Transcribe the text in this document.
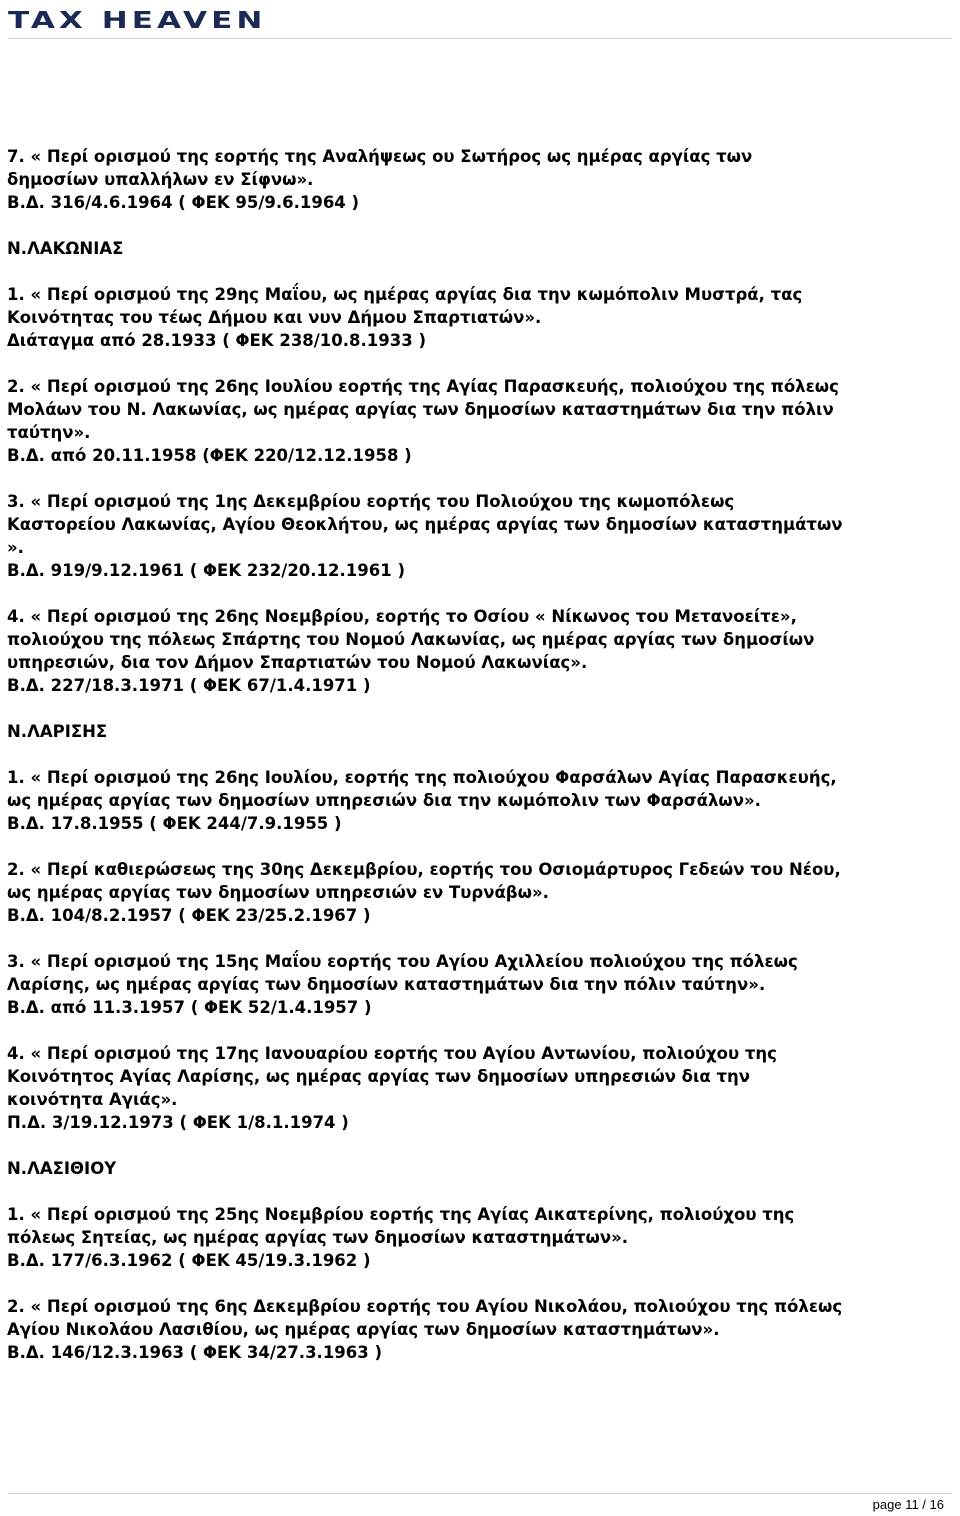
TAX HEAVEN
7. « Περί ορισμού της εορτής της Αναλήψεως ου Σωτήρος ως ημέρας αργίας των
δημοσίων υπαλλήλων εν Σίφνω».
Β.Δ. 316/4.6.1964 ( ΦΕΚ 95/9.6.1964 )
Ν.ΛΑΚΩΝΙΑΣ
1. « Περί ορισμού της 29ης Μαΐου, ως ημέρας αργίας δια την κωμόπολιν Μυστρά, τας
Κοινότητας του τέως Δήμου και νυν Δήμου Σπαρτιατών».
Διάταγμα από 28.1933 ( ΦΕΚ 238/10.8.1933 )
2. « Περί ορισμού της 26ης Ιουλίου εορτής της Αγίας Παρασκευής, πολιούχου της πόλεως
Μολάων του Ν. Λακωνίας, ως ημέρας αργίας των δημοσίων καταστημάτων δια την πόλιν
ταύτην».
Β.Δ. από 20.11.1958 (ΦΕΚ 220/12.12.1958 )
3. « Περί ορισμού της 1ης Δεκεμβρίου εορτής του Πολιούχου της κωμοπόλεως
Καστορείου Λακωνίας, Αγίου Θεοκλήτου, ως ημέρας αργίας των δημοσίων καταστημάτων
».
Β.Δ. 919/9.12.1961 ( ΦΕΚ 232/20.12.1961 )
4. « Περί ορισμού της 26ης Νοεμβρίου, εορτής το Οσίου « Νίκωνος του Μετανοείτε»,
πολιούχου της πόλεως Σπάρτης του Νομού Λακωνίας, ως ημέρας αργίας των δημοσίων
υπηρεσιών, δια τον Δήμον Σπαρτιατών του Νομού Λακωνίας».
Β.Δ. 227/18.3.1971 ( ΦΕΚ 67/1.4.1971 )
Ν.ΛΑΡΙΣΗΣ
1. « Περί ορισμού της 26ης Ιουλίου, εορτής της πολιούχου Φαρσάλων Αγίας Παρασκευής,
ως ημέρας αργίας των δημοσίων υπηρεσιών δια την κωμόπολιν των Φαρσάλων».
Β.Δ. 17.8.1955 ( ΦΕΚ 244/7.9.1955 )
2. « Περί καθιερώσεως της 30ης Δεκεμβρίου, εορτής του Οσιομάρτυρος Γεδεών του Νέου,
ως ημέρας αργίας των δημοσίων υπηρεσιών εν Τυρνάβω».
Β.Δ. 104/8.2.1957 ( ΦΕΚ 23/25.2.1967 )
3. « Περί ορισμού της 15ης Μαΐου εορτής του Αγίου Αχιλλείου πολιούχου της πόλεως
Λαρίσης, ως ημέρας αργίας των δημοσίων καταστημάτων δια την πόλιν ταύτην».
Β.Δ. από 11.3.1957 ( ΦΕΚ 52/1.4.1957 )
4. « Περί ορισμού της 17ης Ιανουαρίου εορτής του Αγίου Αντωνίου, πολιούχου της
Κοινότητος Αγίας Λαρίσης, ως ημέρας αργίας των δημοσίων υπηρεσιών δια την
κοινότητα Αγιάς».
Π.Δ. 3/19.12.1973 ( ΦΕΚ 1/8.1.1974 )
Ν.ΛΑΣΙΘΙΟΥ
1. « Περί ορισμού της 25ης Νοεμβρίου εορτής της Αγίας Αικατερίνης, πολιούχου της
πόλεως Σητείας, ως ημέρας αργίας των δημοσίων καταστημάτων».
Β.Δ. 177/6.3.1962 ( ΦΕΚ 45/19.3.1962 )
2. « Περί ορισμού της 6ης Δεκεμβρίου εορτής του Αγίου Νικολάου, πολιούχου της πόλεως
Αγίου Νικολάου Λασιθίου, ως ημέρας αργίας των δημοσίων καταστημάτων».
Β.Δ. 146/12.3.1963 ( ΦΕΚ 34/27.3.1963 )
page 11 / 16
